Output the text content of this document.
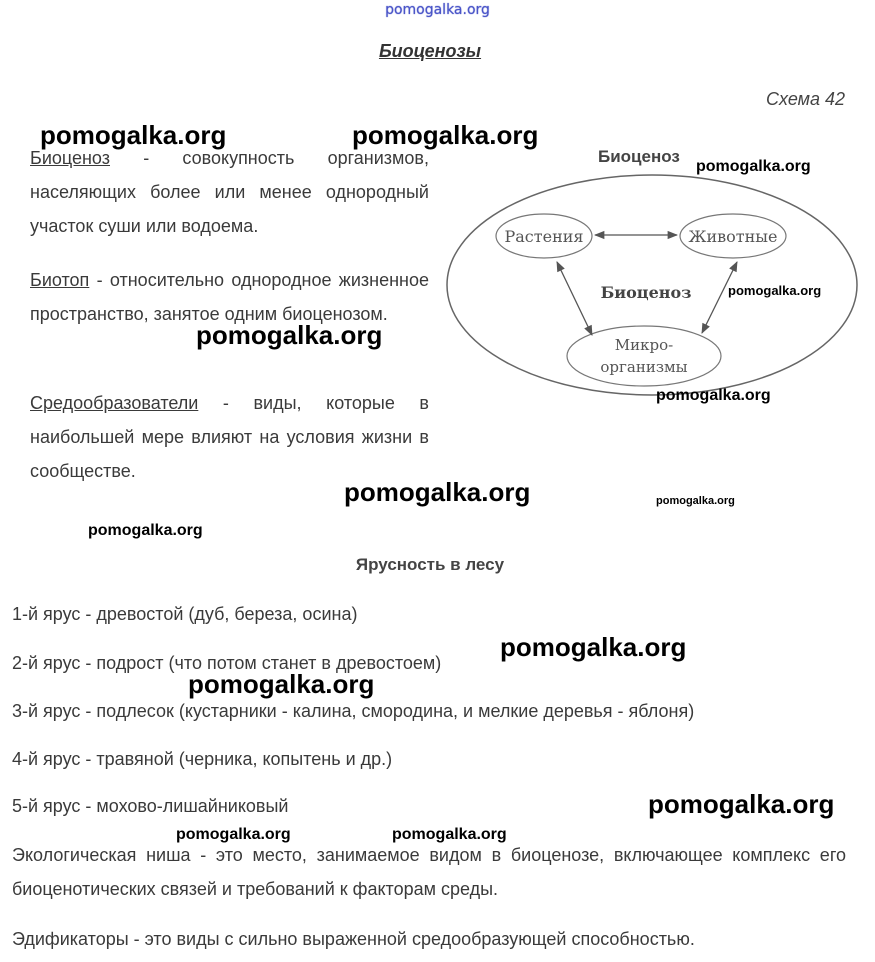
pomogalka.org
Биоценозы
Схема 42
Биоценоз - совокупность организмов, населяющих более или менее однородный участок суши или водоема.
Биотоп - относительно однородное жизненное пространство, занятое одним биоценозом.
Средообразователи - виды, которые в наибольшей мере влияют на условия жизни в сообществе.
Биоценоз
Растения	Животные
Биоценоз
Микро-
организмы
Ярусность в лесу
1-й ярус - древостой (дуб, береза, осина)
2-й ярус - подрост (что потом станет в древостоем)
3-й ярус - подлесок (кустарники - калина, смородина, и мелкие деревья - яблоня)
4-й ярус - травяной (черника, копытень и др.)
5-й ярус - мохово-лишайниковый
Экологическая ниша - это место, занимаемое видом в биоценозе, включающее комплекс его биоценотических связей и требований к факторам среды.
Эдификаторы - это виды с сильно выраженной средообразующей способностью.
pomogalka.org	pomogalka.org
pomogalka.org
pomogalka.org
pomogalka.org
pomogalka.org
pomogalka.org	pomogalka.org
pomogalka.org
pomogalka.org
pomogalka.org
pomogalka.org
pomogalka.org	pomogalka.org
